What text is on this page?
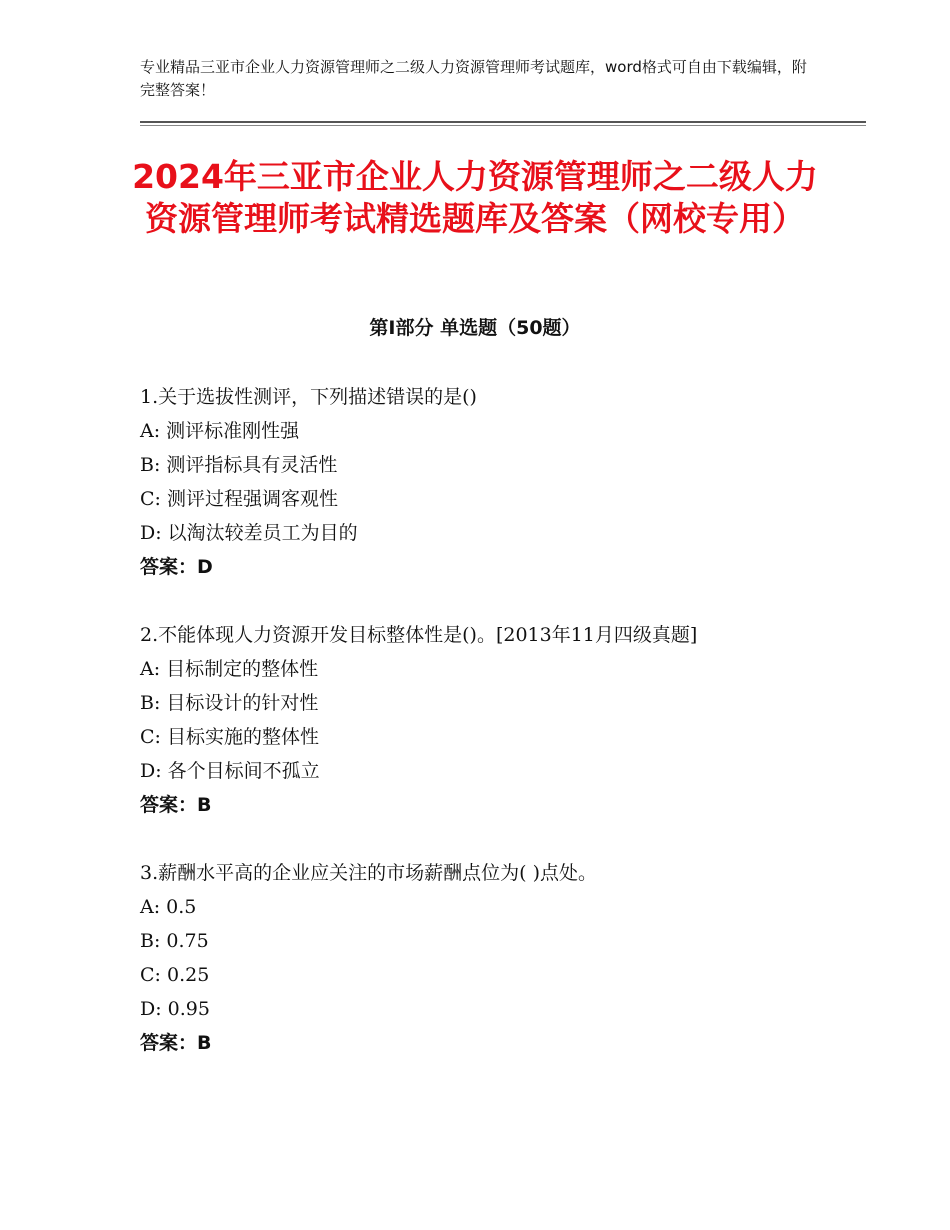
专业精品三亚市企业人力资源管理师之二级人力资源管理师考试题库，word格式可自由下载编辑，附完整答案！
2024年三亚市企业人力资源管理师之二级人力资源管理师考试精选题库及答案（网校专用）
第Ⅰ部分 单选题（50题）
1.关于选拔性测评，下列描述错误的是()
A: 测评标准刚性强
B: 测评指标具有灵活性
C: 测评过程强调客观性
D: 以淘汰较差员工为目的
答案：D
2.不能体现人力资源开发目标整体性是()。[2013年11月四级真题]
A: 目标制定的整体性
B: 目标设计的针对性
C: 目标实施的整体性
D: 各个目标间不孤立
答案：B
3.薪酬水平高的企业应关注的市场薪酬点位为( )点处。
A: 0.5
B: 0.75
C: 0.25
D: 0.95
答案：B
